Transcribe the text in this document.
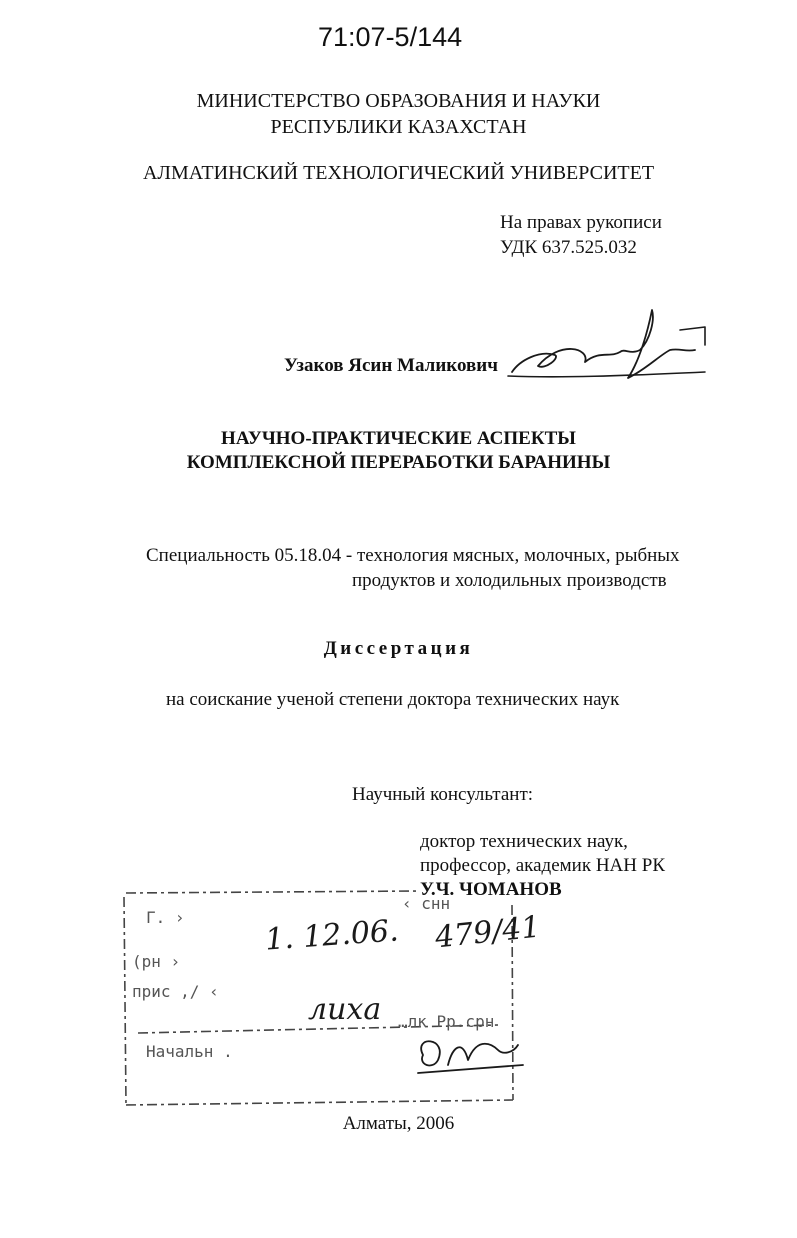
71:07-5/144
МИНИСТЕРСТВО ОБРАЗОВАНИЯ И НАУКИ
РЕСПУБЛИКИ КАЗАХСТАН
АЛМАТИНСКИЙ ТЕХНОЛОГИЧЕСКИЙ УНИВЕРСИТЕТ
На правах рукописи
УДК 637.525.032
Узаков Ясин Маликович
НАУЧНО-ПРАКТИЧЕСКИЕ АСПЕКТЫ
КОМПЛЕКСНОЙ ПЕРЕРАБОТКИ БАРАНИНЫ
Специальность 05.18.04 - технология мясных, молочных, рыбных
продуктов и холодильных производств
Диссертация
на соискание ученой степени доктора технических наук
Научный консультант:
доктор технических наук,
профессор, академик НАН РК
У.Ч. ЧОМАНОВ
Г. ›
(рн ›
прис ‚/ ‹
Начальн .
‹ снн
…лк Рр.срн
1. 12.06. 479/41
лиха
Алматы, 2006
